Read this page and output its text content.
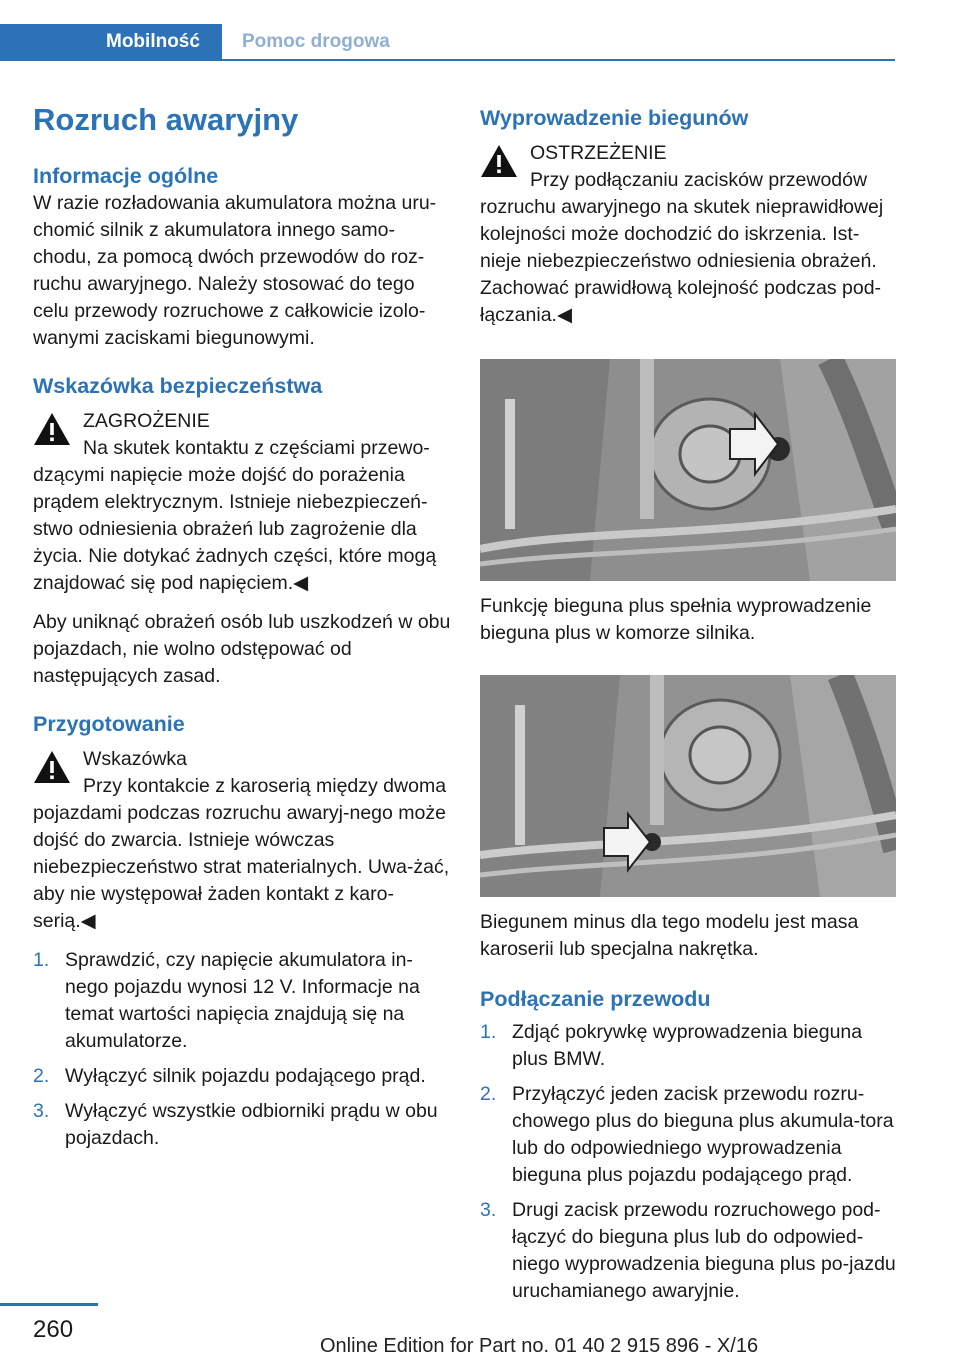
Mobilność	Pomoc drogowa
Rozruch awaryjny
Informacje ogólne
W razie rozładowania akumulatora można uru-chomić silnik z akumulatora innego samo-chodu, za pomocą dwóch przewodów do roz-ruchu awaryjnego. Należy stosować do tego celu przewody rozruchowe z całkowicie izolo-wanymi zaciskami biegunowymi.
Wskazówka bezpieczeństwa
ZAGROŻENIE
Na skutek kontaktu z częściami przewo-dzącymi napięcie może dojść do porażenia prądem elektrycznym. Istnieje niebezpieczeń-stwo odniesienia obrażeń lub zagrożenie dla życia. Nie dotykać żadnych części, które mogą znajdować się pod napięciem.◀
Aby uniknąć obrażeń osób lub uszkodzeń w obu pojazdach, nie wolno odstępować od następujących zasad.
Przygotowanie
Wskazówka
Przy kontakcie z karoserią między dwoma pojazdami podczas rozruchu awaryj-nego może dojść do zwarcia. Istnieje wówczas niebezpieczeństwo strat materialnych. Uwa-żać, aby nie występował żaden kontakt z karo-serią.◀
1. Sprawdzić, czy napięcie akumulatora in-nego pojazdu wynosi 12 V. Informacje na temat wartości napięcia znajdują się na akumulatorze.
2. Wyłączyć silnik pojazdu podającego prąd.
3. Wyłączyć wszystkie odbiorniki prądu w obu pojazdach.
Wyprowadzenie biegunów
OSTRZEŻENIE
Przy podłączaniu zacisków przewodów rozruchu awaryjnego na skutek nieprawidłowej kolejności może dochodzić do iskrzenia. Ist-nieje niebezpieczeństwo odniesienia obrażeń. Zachować prawidłową kolejność podczas pod-łączania.◀
Funkcję bieguna plus spełnia wyprowadzenie bieguna plus w komorze silnika.
Biegunem minus dla tego modelu jest masa karoserii lub specjalna nakrętka.
Podłączanie przewodu
1. Zdjąć pokrywkę wyprowadzenia bieguna plus BMW.
2. Przyłączyć jeden zacisk przewodu rozru-chowego plus do bieguna plus akumula-tora lub do odpowiedniego wyprowadzenia bieguna plus pojazdu podającego prąd.
3. Drugi zacisk przewodu rozruchowego pod-łączyć do bieguna plus lub do odpowied-niego wyprowadzenia bieguna plus po-jazdu uruchamianego awaryjnie.
260
Online Edition for Part no. 01 40 2 915 896 - X/16
